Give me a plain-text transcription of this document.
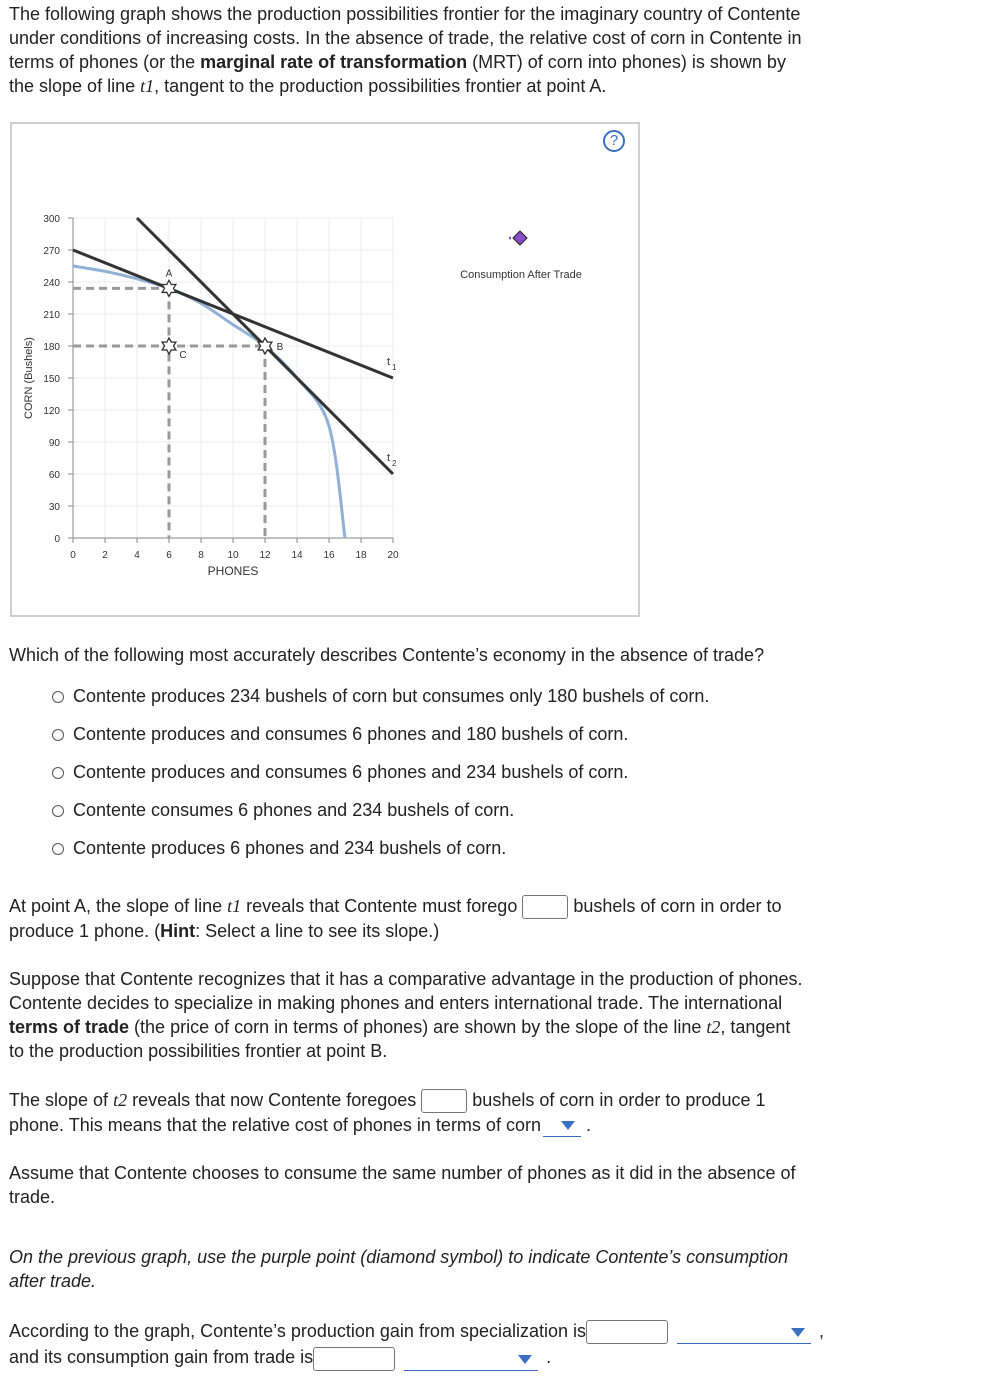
The following graph shows the production possibilities frontier for the imaginary country of Contente
under conditions of increasing costs. In the absence of trade, the relative cost of corn in Contente in
terms of phones (or the marginal rate of transformation (MRT) of corn into phones) is shown by
the slope of line t1, tangent to the production possibilities frontier at point A.
?
0	2	4	6	8 10 12 14 16 18 20
0
30
60
90
120
150
180
210
240
270
300
PHONES
CORN (Bushels)	t 1
t 2
A
C
B
Consumption After Trade
Which of the following most accurately describes Contente’s economy in the absence of trade?
Contente produces 234 bushels of corn but consumes only 180 bushels of corn.
Contente produces and consumes 6 phones and 180 bushels of corn.
Contente produces and consumes 6 phones and 234 bushels of corn.
Contente consumes 6 phones and 234 bushels of corn.
Contente produces 6 phones and 234 bushels of corn.
At point A, the slope of line t1 reveals that Contente must forego	bushels of corn in order to
produce 1 phone. (Hint: Select a line to see its slope.)
Suppose that Contente recognizes that it has a comparative advantage in the production of phones.
Contente decides to specialize in making phones and enters international trade. The international
terms of trade (the price of corn in terms of phones) are shown by the slope of the line t2, tangent
to the production possibilities frontier at point B.
The slope of t2 reveals that now Contente foregoes	bushels of corn in order to produce 1
phone. This means that the relative cost of phones in terms of corn	.
Assume that Contente chooses to consume the same number of phones as it did in the absence of
trade.
On the previous graph, use the purple point (diamond symbol) to indicate Contente’s consumption
after trade.
According to the graph, Contente’s production gain from specialization is	,
and its consumption gain from trade is	.
